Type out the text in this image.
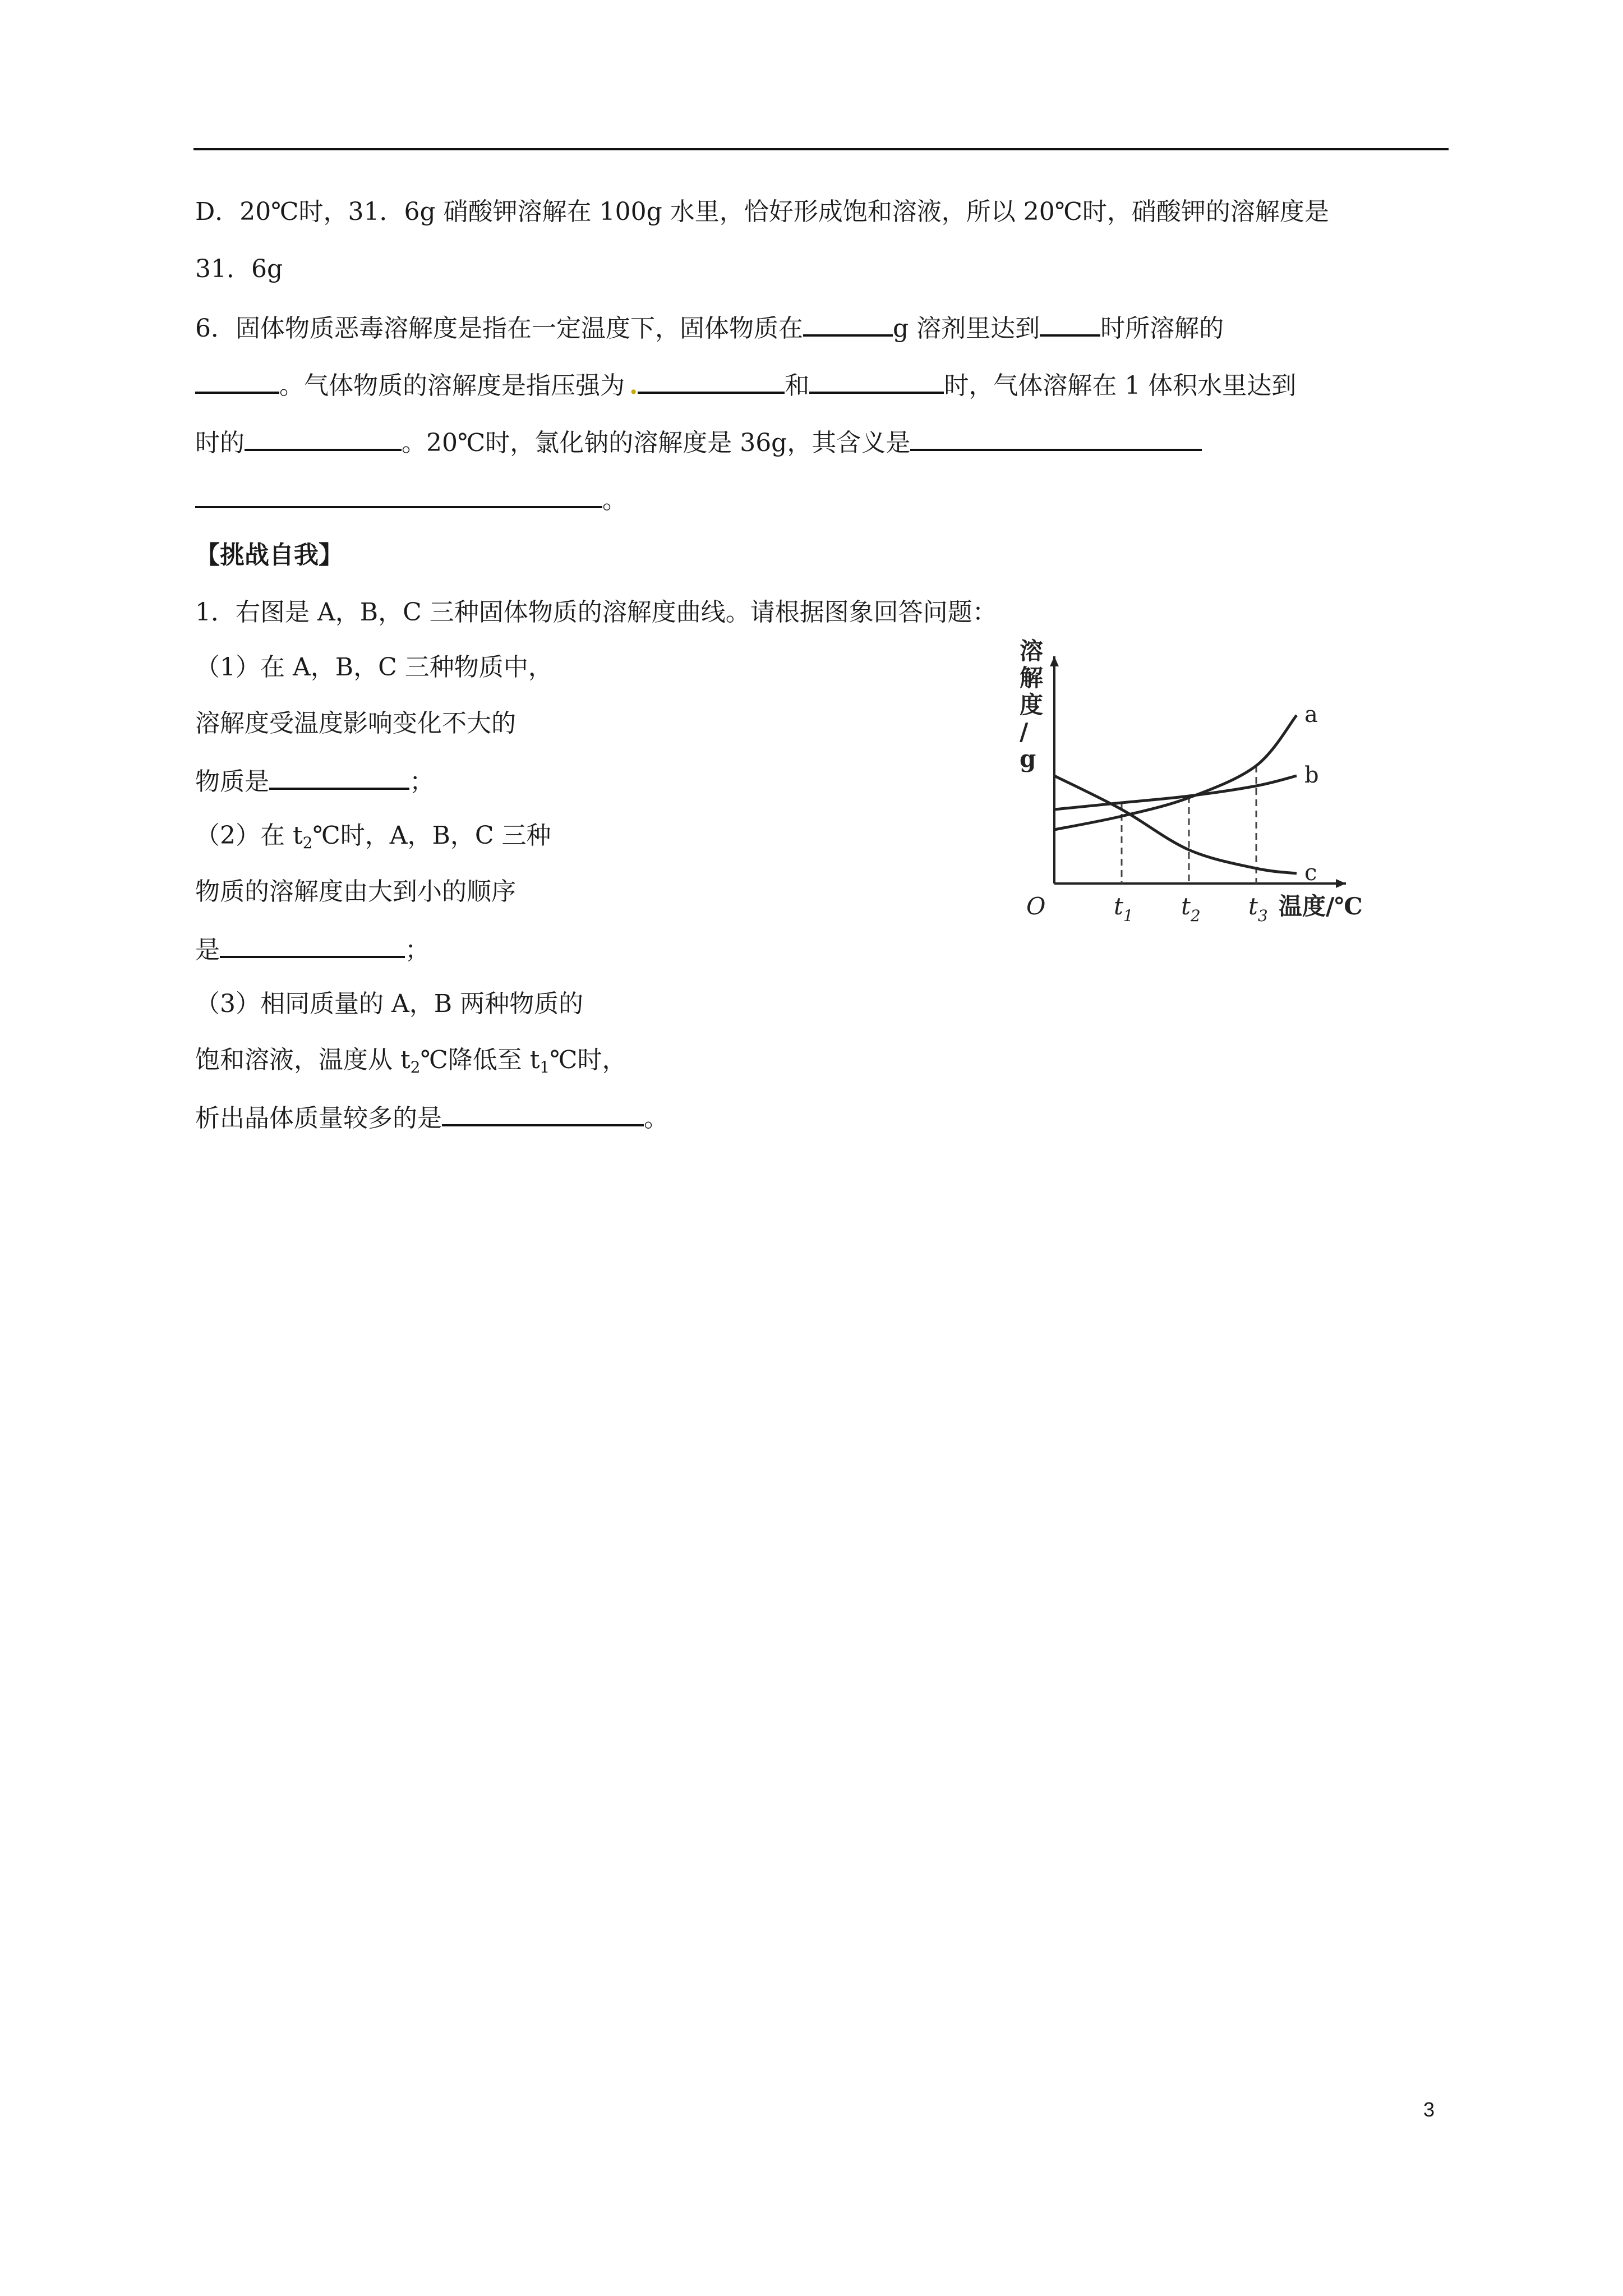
D．20℃时，31．6g 硝酸钾溶解在 100g 水里，恰好形成饱和溶液，所以 20℃时，硝酸钾的溶解度是
31．6g
6．固体物质恶毒溶解度是指在一定温度下，固体物质在	g 溶剂里达到 时所溶解的
。气体物质的溶解度是指压强为 .	和	时，气体溶解在 1 体积水里达到
时的	。20℃时，氯化钠的溶解度是 36g，其含义是
。
【挑战自我】
1．右图是 A，B，C 三种固体物质的溶解度曲线。请根据图象回答问题：
（1）在 A，B，C 三种物质中，
溶解度受温度影响变化不大的
物质是	；
（2）在 $t_2℃$时，A，B，C 三种
物质的溶解度由大到小的顺序
是	；
（3）相同质量的 A，B 两种物质的
饱和溶液，温度从 $t_2℃$降低至 $t_1℃$时，
析出晶体质量较多的是	。
a
b
c
$t_1$ $t_2$ $t_3$
O	温度/℃
溶
解
度
/
g
3
